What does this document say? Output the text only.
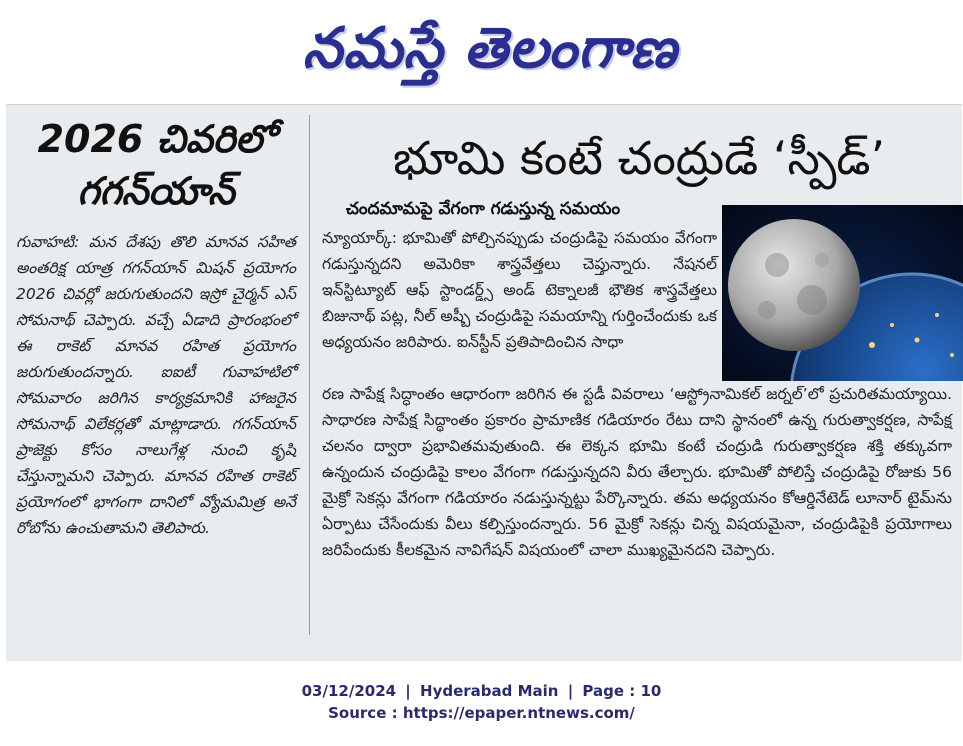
నమస్తే తెలంగాణ
2026 చివరిలో
గగన్‌యాన్
గువాహటి: మన దేశపు తొలి మానవ సహిత అంతరిక్ష యాత్ర గగన్‌యాన్ మిషన్ ప్రయోగం 2026 చివర్లో జరుగుతుందని ఇస్రో చైర్మన్ ఎస్ సోమనాథ్ చెప్పారు. వచ్చే ఏడాది ప్రారంభంలో ఈ రాకెట్ మానవ రహిత ప్రయోగం జరుగుతుందన్నారు. ఐఐటీ గువాహటిలో సోమవారం జరిగిన కార్యక్రమానికి హాజరైన సోమనాథ్ విలేకర్లతో మాట్లాడారు. గగన్‌యాన్ ప్రాజెక్టు కోసం నాలుగేళ్ల నుంచి కృషి చేస్తున్నామని చెప్పారు. మానవ రహిత రాకెట్ ప్రయోగంలో భాగంగా దానిలో వ్యోమమిత్ర అనే రోబోను ఉంచుతామని తెలిపారు.
భూమి కంటే చంద్రుడే ‘స్పీడ్’
చందమామపై వేగంగా గడుస్తున్న సమయం
న్యూయార్క్: భూమితో పోల్చినప్పుడు చంద్రుడిపై సమయం వేగంగా గడుస్తున్నదని అమెరికా శాస్త్రవేత్తలు చెప్తున్నారు. నేషనల్ ఇన్‌స్టిట్యూట్ ఆఫ్ స్టాండర్డ్స్ అండ్ టెక్నాలజీ భౌతిక శాస్త్రవేత్తలు బిజునాథ్ పట్ల, నీల్ అష్బీ చంద్రుడిపై సమయాన్ని గుర్తించేందుకు ఒక అధ్యయనం జరిపారు. ఐన్‌స్టీన్ ప్రతిపాదించిన సాధా
రణ సాపేక్ష సిద్ధాంతం ఆధారంగా జరిగిన ఈ స్టడీ వివరాలు ‘ఆస్ట్రోనామికల్ జర్నల్’లో ప్రచురితమయ్యాయి. సాధారణ సాపేక్ష సిద్ధాంతం ప్రకారం ప్రామాణిక గడియారం రేటు దాని స్థానంలో ఉన్న గురుత్వాకర్షణ, సాపేక్ష చలనం ద్వారా ప్రభావితమవుతుంది. ఈ లెక్కన భూమి కంటే చంద్రుడి గురుత్వాకర్షణ శక్తి తక్కువగా ఉన్నందున చంద్రుడిపై కాలం వేగంగా గడుస్తున్నదని వీరు తేల్చారు. భూమితో పోలిస్తే చంద్రుడిపై రోజుకు 56 మైక్రో సెకన్లు వేగంగా గడియారం నడుస్తున్నట్టు పేర్కొన్నారు. తమ అధ్యయనం కోఆర్డినేటెడ్ లూనార్ టైమ్‌ను ఏర్పాటు చేసేందుకు వీలు కల్పిస్తుందన్నారు. 56 మైక్రో సెకన్లు చిన్న విషయమైనా, చంద్రుడిపైకి ప్రయోగాలు జరిపేందుకు కీలకమైన నావిగేషన్ విషయంలో చాలా ముఖ్యమైనదని చెప్పారు.
03/12/2024 | Hyderabad Main | Page : 10
Source : https://epaper.ntnews.com/
